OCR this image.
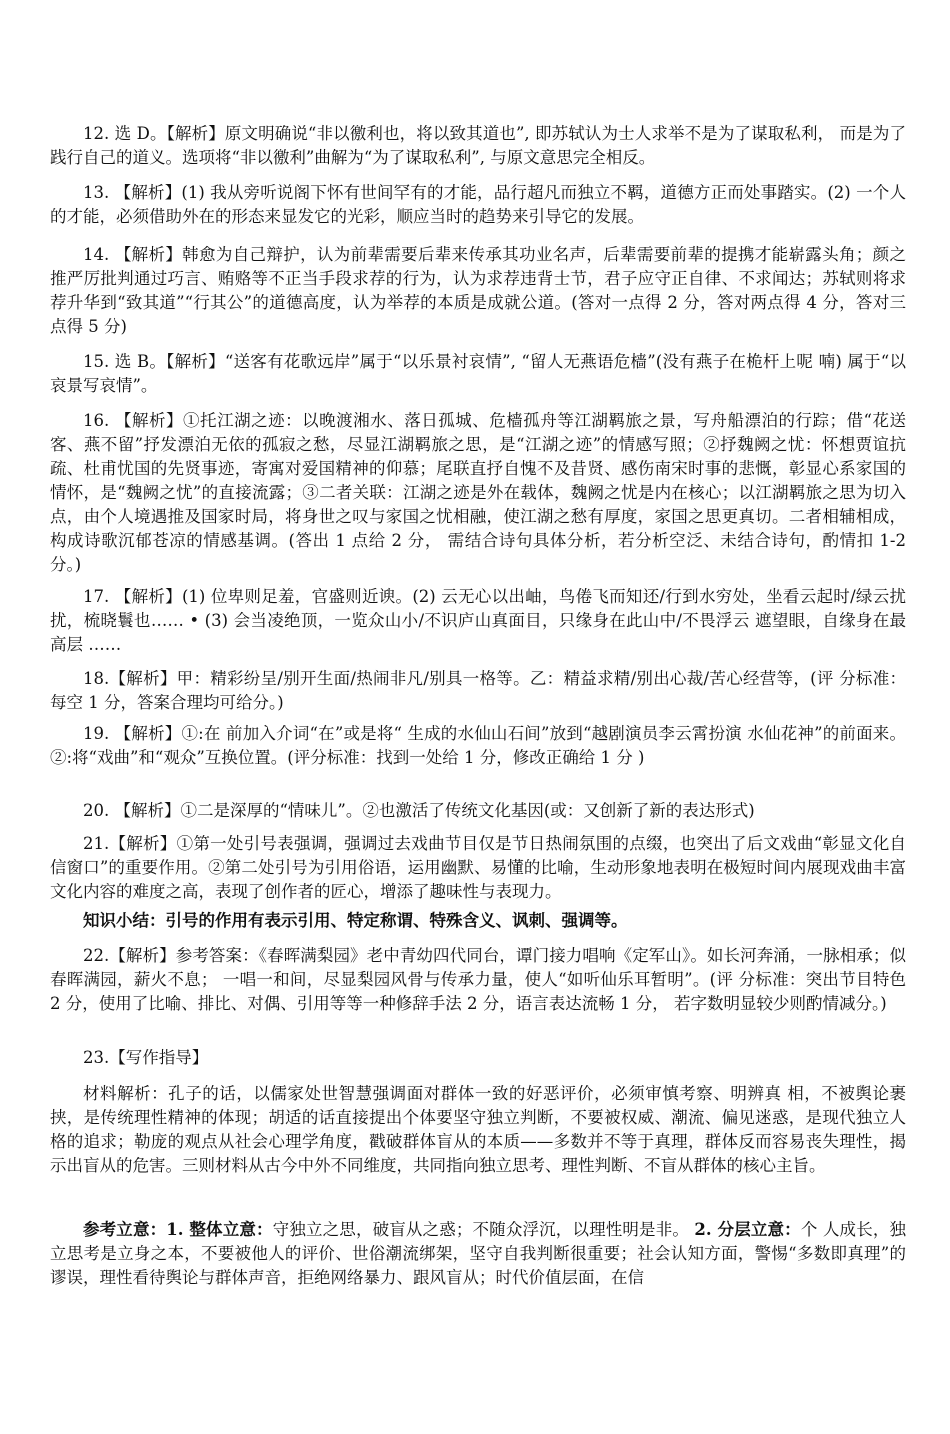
12. 选 D。【解析】原文明确说“非以徼利也，将以致其道也”, 即苏轼认为士人求举不是为了谋取私利， 而是为了践行自己的道义。选项将“非以徼利”曲解为“为了谋取私利”, 与原文意思完全相反。

13. 【解析】(1) 我从旁听说阁下怀有世间罕有的才能，品行超凡而独立不羁，道德方正而处事踏实。(2) 一个人的才能，必须借助外在的形态来显发它的光彩，顺应当时的趋势来引导它的发展。

14. 【解析】韩愈为自己辩护，认为前辈需要后辈来传承其功业名声，后辈需要前辈的提携才能崭露头角；颜之推严厉批判通过巧言、贿赂等不正当手段求荐的行为，认为求荐违背士节，君子应守正自律、不求闻达；苏轼则将求荐升华到“致其道”“行其公”的道德高度，认为举荐的本质是成就公道。(答对一点得 2 分，答对两点得 4 分，答对三点得 5 分)

15. 选 B。【解析】“送客有花歌远岸”属于“以乐景衬哀情”, “留人无燕语危樯”(没有燕子在桅杆上呢 喃) 属于“以哀景写哀情”。

16. 【解析】①托江湖之迹：以晚渡湘水、落日孤城、危樯孤舟等江湖羁旅之景，写舟船漂泊的行踪；借“花送客、燕不留”抒发漂泊无依的孤寂之愁，尽显江湖羁旅之思，是“江湖之迹”的情感写照；②抒魏阙之忧：怀想贾谊抗疏、杜甫忧国的先贤事迹，寄寓对爱国精神的仰慕；尾联直抒自愧不及昔贤、感伤南宋时事的悲慨，彰显心系家国的情怀，是“魏阙之忧”的直接流露；③二者关联：江湖之迹是外在载体，魏阙之忧是内在核心；以江湖羁旅之思为切入点，由个人境遇推及国家时局，将身世之叹与家国之忧相融，使江湖之愁有厚度，家国之思更真切。二者相辅相成，构成诗歌沉郁苍凉的情感基调。(答出 1 点给 2 分， 需结合诗句具体分析，若分析空泛、未结合诗句，酌情扣 1-2 分。)

17. 【解析】(1) 位卑则足羞，官盛则近谀。(2) 云无心以出岫，鸟倦飞而知还/行到水穷处，坐看云起时/绿云扰扰，梳晓鬟也…… • (3) 会当凌绝顶，一览众山小/不识庐山真面目，只缘身在此山中/不畏浮云 遮望眼，自缘身在最高层 ……

18.【解析】甲：精彩纷呈/别开生面/热闹非凡/别具一格等。乙：精益求精/别出心裁/苦心经营等，(评 分标准：每空 1 分，答案合理均可给分。)

19. 【解析】①:在 前加入介词“在”或是将“ 生成的水仙山石间”放到“越剧演员李云霄扮演 水仙花神”的前面来。②:将“戏曲”和“观众”互换位置。(评分标准：找到一处给 1 分，修改正确给 1 分 )

20. 【解析】①二是深厚的“情味儿”。②也激活了传统文化基因(或：又创新了新的表达形式)

21.【解析】①第一处引号表强调，强调过去戏曲节目仅是节日热闹氛围的点缀，也突出了后文戏曲“彰显文化自信窗口”的重要作用。②第二处引号为引用俗语，运用幽默、易懂的比喻，生动形象地表明在极短时间内展现戏曲丰富文化内容的难度之高，表现了创作者的匠心，增添了趣味性与表现力。

知识小结：引号的作用有表示引用、特定称谓、特殊含义、讽刺、强调等。

22.【解析】参考答案：《春晖满梨园》老中青幼四代同台，谭门接力唱响《定军山》。如长河奔涌，一脉相承；似春晖满园，薪火不息； 一唱一和间，尽显梨园风骨与传承力量，使人“如听仙乐耳暂明”。(评 分标准：突出节目特色 2 分，使用了比喻、排比、对偶、引用等等一种修辞手法 2 分，语言表达流畅 1 分， 若字数明显较少则酌情减分。)

23.【写作指导】

材料解析：孔子的话，以儒家处世智慧强调面对群体一致的好恶评价，必须审慎考察、明辨真 相，不被舆论裹挟，是传统理性精神的体现；胡适的话直接提出个体要坚守独立判断，不要被权威、潮流、偏见迷惑，是现代独立人格的追求；勒庞的观点从社会心理学角度，戳破群体盲从的本质——多数并不等于真理，群体反而容易丧失理性，揭示出盲从的危害。三则材料从古今中外不同维度，共同指向独立思考、理性判断、不盲从群体的核心主旨。

参考立意：1. 整体立意：守独立之思，破盲从之惑；不随众浮沉，以理性明是非。 2. 分层立意：个 人成长，独立思考是立身之本，不要被他人的评价、世俗潮流绑架，坚守自我判断很重要；社会认知方面，警惕“多数即真理”的谬误，理性看待舆论与群体声音，拒绝网络暴力、跟风盲从；时代价值层面，在信
